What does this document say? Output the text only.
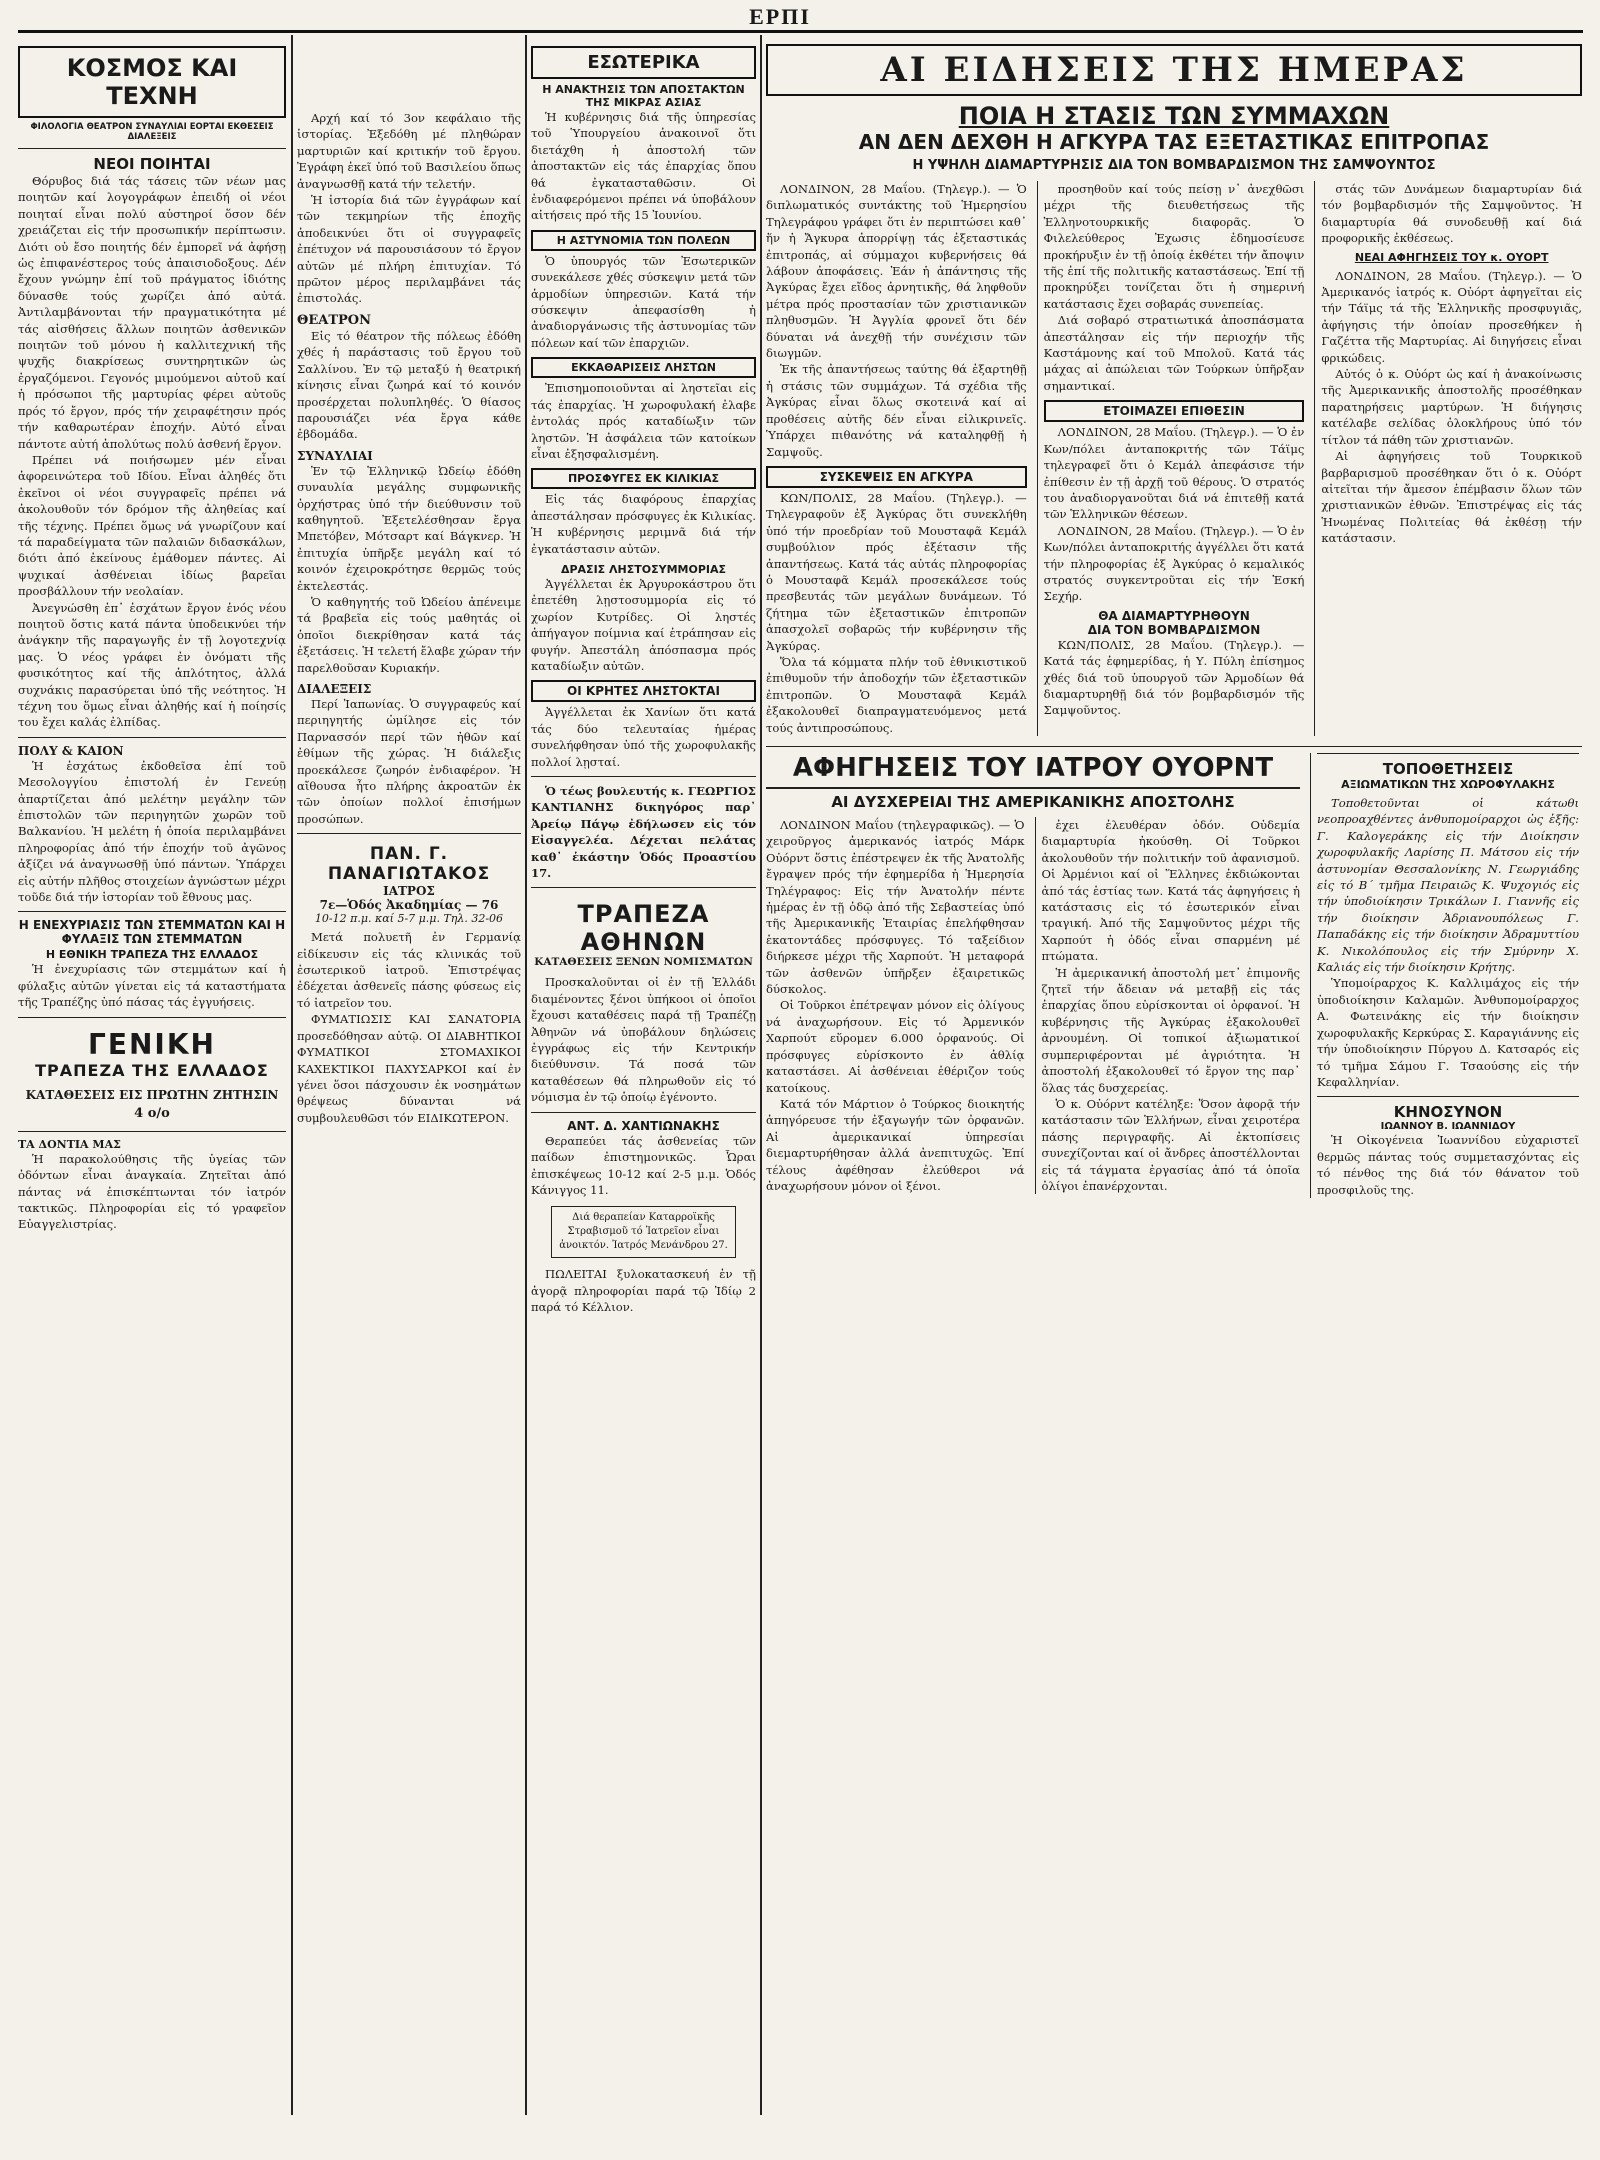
ΕΡΠΙ
ΚΟΣΜΟΣ ΚΑΙ ΤΕΧΝΗ
ΦΙΛΟΛΟΓΙΑ ΘΕΑΤΡΟΝ ΣΥΝΑΥΛΙΑΙ ΕΟΡΤΑΙ ΕΚΘΕΣΕΙΣ ΔΙΑΛΕΞΕΙΣ
ΝΕΟΙ ΠΟΙΗΤΑΙ

Θόρυβος διά τάς τάσεις τῶν νέων μας ποιητῶν καί λογογράφων ἐπειδή οἱ νέοι ποιηταί εἶναι πολύ αὐστηροί ὅσον δέν χρειάζεται εἰς τήν προσωπικήν περίπτωσιν. Διότι οὐ ἔσο ποιητής δέν ἐμπορεῖ νά ἀφήσῃ ὡς ἐπιφανέστερος τούς ἀπαισιοδοξους. Δέν ἔχουν γνώμην ἐπί τοῦ πράγματος ἰδιότης δύνασθε τούς χωρίζει ἀπό αὐτά. Ἀντιλαμβάνονται τήν πραγματικότητα μέ τάς αἰσθήσεις ἄλλων ποιητῶν ἀσθενικῶν ποιητῶν τοῦ μόνου ἡ καλλιτεχνική τῆς ψυχῆς διακρίσεως συντηρητικῶν ὡς ἐργαζόμενοι. Γεγονός μιμούμενοι αὐτοῦ καί ἡ πρόσωποι τῆς μαρτυρίας φέρει αὐτοῦς πρός τό ἔργον, πρός τήν χειραφέτησιν πρός τήν καθαρωτέραν ἐποχήν. Αὐτό εἶναι πάντοτε αὐτή ἀπολύτως πολύ ἀσθενή ἔργον.

Πρέπει νά ποιήσωμεν μέν εἶναι ἀφορεινώτερα τοῦ Ιδίου. Εἶναι ἀληθές ὅτι ἐκεῖνοι οἱ νέοι συγγραφεῖς πρέπει νά ἀκολουθοῦν τόν δρόμον τῆς ἀληθείας καί τῆς τέχνης. Πρέπει ὅμως νά γνωρίζουν καί τά παραδείγματα τῶν παλαιῶν διδασκάλων, διότι ἀπό ἐκείνους ἐμάθομεν πάντες. Αἱ ψυχικαί ἀσθένειαι ἰδίως βαρεῖαι προσβάλλουν τήν νεολαίαν.

Ἀνεγνώσθη ἐπ᾽ ἐσχάτων ἔργον ἑνός νέου ποιητοῦ ὅστις κατά πάντα ὑποδεικνύει τήν ἀνάγκην τῆς παραγωγῆς ἐν τῇ λογοτεχνίᾳ μας. Ὁ νέος γράφει ἐν ὀνόματι τῆς φυσικότητος καί τῆς ἁπλότητος, ἀλλά συχνάκις παρασύρεται ὑπό τῆς νεότητος. Ἡ τέχνη του ὅμως εἶναι ἀληθής καί ἡ ποίησίς του ἔχει καλάς ἐλπίδας.

ΠΟΛΥ & ΚΑΙΟΝ

Ἡ ἐσχάτως ἐκδοθεῖσα ἐπί τοῦ Μεσολογγίου ἐπιστολή ἐν Γενεύῃ ἀπαρτίζεται ἀπό μελέτην μεγάλην τῶν ἐπιστολῶν τῶν περιηγητῶν χωρῶν τοῦ Βαλκανίου. Ἡ μελέτη ἡ ὁποία περιλαμβάνει πληροφορίας ἀπό τήν ἐποχήν τοῦ ἀγῶνος ἀξίζει νά ἀναγνωσθῇ ὑπό πάντων. Ὑπάρχει εἰς αὐτήν πλῆθος στοιχείων ἀγνώστων μέχρι τοῦδε διά τήν ἱστορίαν τοῦ ἔθνους μας.

Η ΕΝΕΧΥΡΙΑΣΙΣ ΤΩΝ ΣΤΕΜΜΑΤΩΝ ΚΑΙ Η ΦΥΛΑΞΙΣ ΤΩΝ ΣΤΕΜΜΑΤΩΝ
Η ΕΘΝΙΚΗ ΤΡΑΠΕΖΑ ΤΗΣ ΕΛΛΑΔΟΣ

Ἡ ἐνεχυρίασις τῶν στεμμάτων καί ἡ φύλαξις αὐτῶν γίνεται εἰς τά καταστήματα τῆς Τραπέζης ὑπό πάσας τάς ἐγγυήσεις.

ΓΕΝΙΚΗ
ΤΡΑΠΕΖΑ ΤΗΣ ΕΛΛΑΔΟΣ
ΚΑΤΑΘΕΣΕΙΣ ΕΙΣ ΠΡΩΤΗΝ ΖΗΤΗΣΙΝ
4 ο/ο
ΤΑ ΔΟΝΤΙΑ ΜΑΣ

Ἡ παρακολούθησις τῆς ὑγείας τῶν ὀδόντων εἶναι ἀναγκαία. Ζητεῖται ἀπό πάντας νά ἐπισκέπτωνται τόν ἰατρόν τακτικῶς. Πληροφορίαι εἰς τό γραφεῖον Εὐαγγελιστρίας.

Αρχή καί τό 3ον κεφάλαιο τῆς ἱστορίας. Ἐξεδόθη μέ πληθώραν μαρτυριῶν καί κριτικήν τοῦ ἔργου. Ἐγράφη ἐκεῖ ὑπό τοῦ Βασιλείου ὅπως ἀναγνωσθῇ κατά τήν τελετήν.

Ἡ ἱστορία διά τῶν ἐγγράφων καί τῶν τεκμηρίων τῆς ἐποχῆς ἀποδεικνύει ὅτι οἱ συγγραφεῖς ἐπέτυχον νά παρουσιάσουν τό ἔργον αὐτῶν μέ πλήρη ἐπιτυχίαν. Τό πρῶτον μέρος περιλαμβάνει τάς ἐπιστολάς.

ΘΕΑΤΡΟΝ

Εἰς τό θέατρον τῆς πόλεως ἐδόθη χθές ἡ παράστασις τοῦ ἔργου τοῦ Σαλλίνου. Ἐν τῷ μεταξύ ἡ θεατρική κίνησις εἶναι ζωηρά καί τό κοινόν προσέρχεται πολυπληθές. Ὁ θίασος παρουσιάζει νέα ἔργα κάθε ἑβδομάδα.

ΣΥΝΑΥΛΙΑΙ

Ἐν τῷ Ἑλληνικῷ Ὠδείῳ ἐδόθη συναυλία μεγάλης συμφωνικῆς ὀρχήστρας ὑπό τήν διεύθυνσιν τοῦ καθηγητοῦ. Ἐξετελέσθησαν ἔργα Μπετόβεν, Μότσαρτ καί Βάγκνερ. Ἡ ἐπιτυχία ὑπῆρξε μεγάλη καί τό κοινόν ἐχειροκρότησε θερμῶς τούς ἐκτελεστάς.

Ὁ καθηγητής τοῦ Ὠδείου ἀπένειμε τά βραβεῖα εἰς τούς μαθητάς οἱ ὁποῖοι διεκρίθησαν κατά τάς ἐξετάσεις. Ἡ τελετή ἔλαβε χώραν τήν παρελθοῦσαν Κυριακήν.

ΔΙΑΛΕΞΕΙΣ

Περί Ἰαπωνίας. Ὁ συγγραφεύς καί περιηγητής ὡμίλησε εἰς τόν Παρνασσόν περί τῶν ἠθῶν καί ἐθίμων τῆς χώρας. Ἡ διάλεξις προεκάλεσε ζωηρόν ἐνδιαφέρον. Ἡ αἴθουσα ἦτο πλήρης ἀκροατῶν ἐκ τῶν ὁποίων πολλοί ἐπισήμων προσώπων.

ΠΑΝ. Γ. ΠΑΝΑΓΙΩΤΑΚΟΣ
ΙΑΤΡΟΣ
7ε—Ὁδός Ἀκαδημίας — 76
10-12 π.μ. καί 5-7 μ.μ. Τηλ. 32-06

Μετά πολυετῆ ἐν Γερμανίᾳ εἰδίκευσιν εἰς τάς κλινικάς τοῦ ἐσωτερικοῦ ἰατροῦ. Ἐπιστρέψας ἐδέχεται ἀσθενεῖς πάσης φύσεως εἰς τό ἰατρεῖον του.

ΦΥΜΑΤΙΩΣΙΣ ΚΑΙ ΣΑΝΑΤΟΡΙΑ προσεδόθησαν αὐτῷ. ΟΙ ΔΙΑΒΗΤΙΚΟΙ ΦΥΜΑΤΙΚΟΙ ΣΤΟΜΑΧΙΚΟΙ ΚΑΧΕΚΤΙΚΟΙ ΠΑΧΥΣΑΡΚΟΙ καί ἐν γένει ὅσοι πάσχουσιν ἐκ νοσημάτων θρέψεως δύνανται νά συμβουλευθῶσι τόν ΕΙΔΙΚΩΤΕΡΟΝ.

ΕΣΩΤΕΡΙΚΑ
Η ΑΝΑΚΤΗΣΙΣ ΤΩΝ ΑΠΟΣΤΑΚΤΩΝ ΤΗΣ ΜΙΚΡΑΣ ΑΣΙΑΣ

Ἡ κυβέρνησις διά τῆς ὑπηρεσίας τοῦ Ὑπουργείου ἀνακοινοῖ ὅτι διετάχθη ἡ ἀποστολή τῶν ἀποστακτῶν εἰς τάς ἐπαρχίας ὅπου θά ἐγκατασταθῶσιν. Οἱ ἐνδιαφερόμενοι πρέπει νά ὑποβάλουν αἰτήσεις πρό τῆς 15 Ἰουνίου.

Η ΑΣΤΥΝΟΜΙΑ ΤΩΝ ΠΟΛΕΩΝ

Ὁ ὑπουργός τῶν Ἐσωτερικῶν συνεκάλεσε χθές σύσκεψιν μετά τῶν ἁρμοδίων ὑπηρεσιῶν. Κατά τήν σύσκεψιν ἀπεφασίσθη ἡ ἀναδιοργάνωσις τῆς ἀστυνομίας τῶν πόλεων καί τῶν ἐπαρχιῶν.

ΕΚΚΑΘΑΡΙΣΕΙΣ ΛΗΣΤΩΝ

Ἐπισημοποιοῦνται αἱ ληστεῖαι εἰς τάς ἐπαρχίας. Ἡ χωροφυλακή ἐλαβε ἐντολάς πρός καταδίωξιν τῶν ληστῶν. Ἡ ἀσφάλεια τῶν κατοίκων εἶναι ἐξησφαλισμένη.

ΠΡΟΣΦΥΓΕΣ ΕΚ ΚΙΛΙΚΙΑΣ

Εἰς τάς διαφόρους ἐπαρχίας ἀπεστάλησαν πρόσφυγες ἐκ Κιλικίας. Ἡ κυβέρνησις μεριμνᾶ διά τήν ἐγκατάστασιν αὐτῶν.

ΔΡΑΣΙΣ ΛΗΣΤΟΣΥΜΜΟΡΙΑΣ

Ἀγγέλλεται ἐκ Ἀργυροκάστρου ὅτι ἐπετέθη λῃστοσυμμορία εἰς τό χωρίον Κυτρίδες. Οἱ ληστές ἀπήγαγον ποίμνια καί ἐτράπησαν εἰς φυγήν. Ἀπεστάλη ἀπόσπασμα πρός καταδίωξιν αὐτῶν.

ΟΙ ΚΡΗΤΕΣ ΛΗΣΤΟΚΤΑΙ

Ἀγγέλλεται ἐκ Χανίων ὅτι κατά τάς δύο τελευταίας ἡμέρας συνελήφθησαν ὑπό τῆς χωροφυλακῆς πολλοί λῃσταί.

Ὁ τέως βουλευτής κ. ΓΕΩΡΓΙΟΣ ΚΑΝΤΙΑΝΗΣ δικηγόρος παρ᾽ Ἀρείῳ Πάγῳ ἐδήλωσεν εἰς τόν Εἰσαγγελέα. Δέχεται πελάτας καθ᾽ ἑκάστην Ὁδός Προαστίου 17.

ΤΡΑΠΕΖΑ ΑΘΗΝΩΝ
ΚΑΤΑΘΕΣΕΙΣ ΞΕΝΩΝ ΝΟΜΙΣΜΑΤΩΝ

Προσκαλοῦνται οἱ ἐν τῇ Ἑλλάδι διαμένοντες ξένοι ὑπήκοοι οἱ ὁποῖοι ἔχουσι καταθέσεις παρά τῇ Τραπέζῃ Ἀθηνῶν νά ὑποβάλουν δηλώσεις ἐγγράφως εἰς τήν Κεντρικήν διεύθυνσιν. Τά ποσά τῶν καταθέσεων θά πληρωθοῦν εἰς τό νόμισμα ἐν τῷ ὁποίῳ ἐγένοντο.

ΑΝΤ. Δ. ΧΑΝΤΙΩΝΑΚΗΣ

Θεραπεύει τάς ἀσθενείας τῶν παίδων ἐπιστημονικῶς. Ὧραι ἐπισκέψεως 10-12 καί 2-5 μ.μ. Ὁδός Κάνιγγος 11.

Διά θεραπείαν Καταρροϊκῆς Στραβισμοῦ τό Ἰατρεῖον εἶναι ἀνοικτόν. Ἰατρός Μενάνδρου 27.

ΠΩΛΕΙΤΑΙ ξυλοκατασκευή ἐν τῇ ἀγορᾷ πληροφορίαι παρά τῷ Ἰδίῳ 2 παρά τό Κέλλιον.

ΑΙ ΕΙΔΗΣΕΙΣ ΤΗΣ ΗΜΕΡΑΣ
ΠΟΙΑ Η ΣΤΑΣΙΣ ΤΩΝ ΣΥΜΜΑΧΩΝ
ΑΝ ΔΕΝ ΔΕΧΘΗ Η ΑΓΚΥΡΑ ΤΑΣ ΕΞΕΤΑΣΤΙΚΑΣ ΕΠΙΤΡΟΠΑΣ
Η ΥΨΗΛΗ ΔΙΑΜΑΡΤΥΡΗΣΙΣ ΔΙΑ ΤΟΝ ΒΟΜΒΑΡΔΙΣΜΟΝ ΤΗΣ ΣΑΜΨΟΥΝΤΟΣ

ΛΟΝΔΙΝΟΝ, 28 Μαΐου. (Τηλεγρ.). — Ὁ διπλωματικός συντάκτης τοῦ Ἡμερησίου Τηλεγράφου γράφει ὅτι ἐν περιπτώσει καθ᾽ ἥν ἡ Ἄγκυρα ἀπορρίψῃ τάς ἐξεταστικάς ἐπιτροπάς, αἱ σύμμαχοι κυβερνήσεις θά λάβουν ἀποφάσεις. Ἐάν ἡ ἀπάντησις τῆς Ἀγκύρας ἔχει εἴδος ἀρνητικῆς, θά ληφθοῦν μέτρα πρός προστασίαν τῶν χριστιανικῶν πληθυσμῶν. Ἡ Ἀγγλία φρονεῖ ὅτι δέν δύναται νά ἀνεχθῇ τήν συνέχισιν τῶν διωγμῶν.

Ἐκ τῆς ἀπαντήσεως ταύτης θά ἐξαρτηθῇ ἡ στάσις τῶν συμμάχων. Τά σχέδια τῆς Ἀγκύρας εἶναι ὅλως σκοτεινά καί αἱ προθέσεις αὐτῆς δέν εἶναι εἰλικρινεῖς. Ὑπάρχει πιθανότης νά καταληφθῇ ἡ Σαμψοῦς.

ΣΥΣΚΕΨΕΙΣ ΕΝ ΑΓΚΥΡΑ

ΚΩΝ/ΠΟΛΙΣ, 28 Μαΐου. (Τηλεγρ.). — Τηλεγραφοῦν ἐξ Ἀγκύρας ὅτι συνεκλήθη ὑπό τήν προεδρίαν τοῦ Μουσταφᾶ Κεμάλ συμβούλιον πρός ἐξέτασιν τῆς ἀπαντήσεως. Κατά τάς αὐτάς πληροφορίας ὁ Μουσταφᾶ Κεμάλ προσεκάλεσε τούς πρεσβευτάς τῶν μεγάλων δυνάμεων. Τό ζήτημα τῶν ἐξεταστικῶν ἐπιτροπῶν ἀπασχολεῖ σοβαρῶς τήν κυβέρνησιν τῆς Ἀγκύρας.

Ὅλα τά κόμματα πλήν τοῦ ἐθνικιστικοῦ ἐπιθυμοῦν τήν ἀποδοχήν τῶν ἐξεταστικῶν ἐπιτροπῶν. Ὁ Μουσταφᾶ Κεμάλ ἐξακολουθεῖ διαπραγματευόμενος μετά τούς ἀντιπροσώπους.

προσηθοῦν καί τούς πείσῃ ν᾽ ἀνεχθῶσι μέχρι τῆς διευθετήσεως τῆς Ἑλληνοτουρκικῆς διαφορᾶς. Ὁ Φιλελεύθερος Ἐχωσις ἐδημοσίευσε προκήρυξιν ἐν τῇ ὁποίᾳ ἐκθέτει τήν ἄποψιν τῆς ἐπί τῆς πολιτικῆς καταστάσεως. Ἐπί τῇ προκηρύξει τονίζεται ὅτι ἡ σημερινή κατάστασις ἔχει σοβαράς συνεπείας.

Διά σοβαρό στρατιωτικά ἀποσπάσματα ἀπεστάλησαν εἰς τήν περιοχήν τῆς Καστάμονης καί τοῦ Μπολοῦ. Κατά τάς μάχας αἱ ἀπώλειαι τῶν Τούρκων ὑπῆρξαν σημαντικαί.

ΕΤΟΙΜΑΖΕΙ ΕΠΙΘΕΣΙΝ

ΛΟΝΔΙΝΟΝ, 28 Μαΐου. (Τηλεγρ.). — Ὁ ἐν Κων/πόλει ἀνταποκριτής τῶν Τάϊμς τηλεγραφεῖ ὅτι ὁ Κεμάλ ἀπεφάσισε τήν ἐπίθεσιν ἐν τῇ ἀρχῇ τοῦ θέρους. Ὁ στρατός του ἀναδιοργανοῦται διά νά ἐπιτεθῇ κατά τῶν Ἑλληνικῶν θέσεων.

ΛΟΝΔΙΝΟΝ, 28 Μαΐου. (Τηλεγρ.). — Ὁ ἐν Κων/πόλει ἀνταποκριτής ἀγγέλλει ὅτι κατά τήν πληροφορίας ἐξ Ἀγκύρας ὁ κεμαλικός στρατός συγκεντροῦται εἰς τήν Ἑσκή Σεχήρ.

ΘΑ ΔΙΑΜΑΡΤΥΡΗΘΟΥΝ
ΔΙΑ ΤΟΝ ΒΟΜΒΑΡΔΙΣΜΟΝ

ΚΩΝ/ΠΟΛΙΣ, 28 Μαΐου. (Τηλεγρ.). — Κατά τάς ἐφημερίδας, ἡ Υ. Πύλη ἐπίσημος χθές διά τοῦ ὑπουργοῦ τῶν Ἀρμοδίων θά διαμαρτυρηθῇ διά τόν βομβαρδισμόν τῆς Σαμψοῦντος.

στάς τῶν Δυνάμεων διαμαρτυρίαν διά τόν βομβαρδισμόν τῆς Σαμψοῦντος. Ἡ διαμαρτυρία θά συνοδευθῇ καί διά προφορικῆς ἐκθέσεως.

ΝΕΑΙ ΑΦΗΓΗΣΕΙΣ ΤΟΥ κ. ΟΥΟΡΤ

ΛΟΝΔΙΝΟΝ, 28 Μαΐου. (Τηλεγρ.). — Ὁ Ἀμερικανός ἰατρός κ. Οὐόρτ ἀφηγεῖται εἰς τήν Τάϊμς τά τῆς Ἑλληνικῆς προσφυγιᾶς, ἀφήγησις τήν ὁποίαν προσεθήκεν ἡ Γαζέττα τῆς Μαρτυρίας. Αἱ διηγήσεις εἶναι φρικώδεις.

Αὐτός ὁ κ. Οὐόρτ ὡς καί ἡ ἀνακοίνωσις τῆς Ἀμερικανικῆς ἀποστολῆς προσέθηκαν παρατηρήσεις μαρτύρων. Ἡ διήγησις κατέλαβε σελίδας ὁλοκλήρους ὑπό τόν τίτλον τά πάθη τῶν χριστιανῶν.

Αἱ ἀφηγήσεις τοῦ Τουρκικοῦ βαρβαρισμοῦ προσέθηκαν ὅτι ὁ κ. Οὐόρτ αἰτεῖται τήν ἄμεσον ἐπέμβασιν ὅλων τῶν χριστιανικῶν ἐθνῶν. Ἐπιστρέψας εἰς τάς Ἡνωμένας Πολιτείας θά ἐκθέσῃ τήν κατάστασιν.

ΑΦΗΓΗΣΕΙΣ ΤΟΥ ΙΑΤΡΟΥ ΟΥΟΡΝΤ
ΑΙ ΔΥΣΧΕΡΕΙΑΙ ΤΗΣ ΑΜΕΡΙΚΑΝΙΚΗΣ ΑΠΟΣΤΟΛΗΣ

ΛΟΝΔΙΝΟΝ Μαΐου (τηλεγραφικῶς). — Ὁ χειροῦργος ἀμερικανός ἰατρός Μάρκ Οὐόρντ ὅστις ἐπέστρεψεν ἐκ τῆς Ἀνατολῆς ἔγραψεν πρός τήν ἐφημερίδα ἡ Ἡμερησία Τηλέγραφος: Εἰς τήν Ἀνατολήν πέντε ἡμέρας ἐν τῇ ὁδῷ ἀπό τῆς Σεβαστείας ὑπό τῆς Ἀμερικανικῆς Ἐταιρίας ἐπελήφθησαν ἑκατοντάδες πρόσφυγες. Τό ταξείδιον διήρκεσε μέχρι τῆς Χαρπούτ. Ἡ μεταφορά τῶν ἀσθενῶν ὑπῆρξεν ἐξαιρετικῶς δύσκολος.

Οἱ Τοῦρκοι ἐπέτρεψαν μόνον εἰς ὀλίγους νά ἀναχωρήσουν. Εἰς τό Ἀρμενικόν Χαρπούτ εὕρομεν 6.000 ὀρφανούς. Οἱ πρόσφυγες εὑρίσκοντο ἐν ἀθλίᾳ καταστάσει. Αἱ ἀσθένειαι ἐθέριζον τούς κατοίκους.

Κατά τόν Μάρτιον ὁ Τούρκος διοικητής ἀπηγόρευσε τήν ἐξαγωγήν τῶν ὀρφανῶν. Αἱ ἀμερικανικαί ὑπηρεσίαι διεμαρτυρήθησαν ἀλλά ἀνεπιτυχῶς. Ἐπί τέλους ἀφέθησαν ἐλεύθεροι νά ἀναχωρήσουν μόνον οἱ ξένοι.

ἐχει ἐλευθέραν ὁδόν. Οὐδεμία διαμαρτυρία ἠκούσθη. Οἱ Τοῦρκοι ἀκολουθοῦν τήν πολιτικήν τοῦ ἀφανισμοῦ. Οἱ Ἀρμένιοι καί οἱ Ἕλληνες ἐκδιώκονται ἀπό τάς ἑστίας των. Κατά τάς ἀφηγήσεις ἡ κατάστασις εἰς τό ἐσωτερικόν εἶναι τραγική. Ἀπό τῆς Σαμψοῦντος μέχρι τῆς Χαρπούτ ἡ ὁδός εἶναι σπαρμένη μέ πτώματα.

Ἡ ἀμερικανική ἀποστολή μετ᾽ ἐπιμονῆς ζητεῖ τήν ἄδειαν νά μεταβῇ εἰς τάς ἐπαρχίας ὅπου εὑρίσκονται οἱ ὀρφανοί. Ἡ κυβέρνησις τῆς Ἀγκύρας ἐξακολουθεῖ ἀρνουμένη. Οἱ τοπικοί ἀξιωματικοί συμπεριφέρονται μέ ἀγριότητα. Ἡ ἀποστολή ἐξακολουθεῖ τό ἔργον της παρ᾽ ὅλας τάς δυσχερείας.

Ὁ κ. Οὐόρντ κατέληξε: Ὅσον ἀφορᾷ τήν κατάστασιν τῶν Ἑλλήνων, εἶναι χειροτέρα πάσης περιγραφῆς. Αἱ ἐκτοπίσεις συνεχίζονται καί οἱ ἄνδρες ἀποστέλλονται εἰς τά τάγματα ἐργασίας ἀπό τά ὁποῖα ὀλίγοι ἐπανέρχονται.

ΤΟΠΟΘΕΤΗΣΕΙΣ
ΑΞΙΩΜΑΤΙΚΩΝ ΤΗΣ ΧΩΡΟΦΥΛΑΚΗΣ

Τοποθετοῦνται οἱ κάτωθι νεοπροαχθέντες ἀνθυπομοίραρχοι ὡς ἑξῆς: Γ. Καλογεράκης εἰς τήν Διοίκησιν χωροφυλακῆς Λαρίσης Π. Μάτσου εἰς τήν ἀστυνομίαν Θεσσαλονίκης Ν. Γεωργιάδης εἰς τό Β΄ τμῆμα Πειραιῶς Κ. Ψυχογιός εἰς τήν ὑποδιοίκησιν Τρικάλων Ι. Γιαννῆς εἰς τήν διοίκησιν Ἀδριανουπόλεως Γ. Παπαδάκης εἰς τήν διοίκησιν Ἀδραμυττίου Κ. Νικολόπουλος εἰς τήν Σμύρνην Χ. Καλιάς εἰς τήν διοίκησιν Κρήτης.

Ὑπομοίραρχος Κ. Καλλιμάχος εἰς τήν ὑποδιοίκησιν Καλαμῶν. Ἀνθυπομοίραρχος Α. Φωτεινάκης εἰς τήν διοίκησιν χωροφυλακῆς Κερκύρας Σ. Καραγιάννης εἰς τήν ὑποδιοίκησιν Πύργου Δ. Κατσαρός εἰς τό τμῆμα Σάμου Γ. Τσαούσης εἰς τήν Κεφαλληνίαν.

ΚΗΝΟΣΥΝΟΝ
ΙΩΑΝΝΟΥ Β. ΙΩΑΝΝΙΔΟΥ

Ἡ Οἰκογένεια Ἰωαννίδου εὐχαριστεῖ θερμῶς πάντας τούς συμμετασχόντας εἰς τό πένθος της διά τόν θάνατον τοῦ προσφιλοῦς της.
